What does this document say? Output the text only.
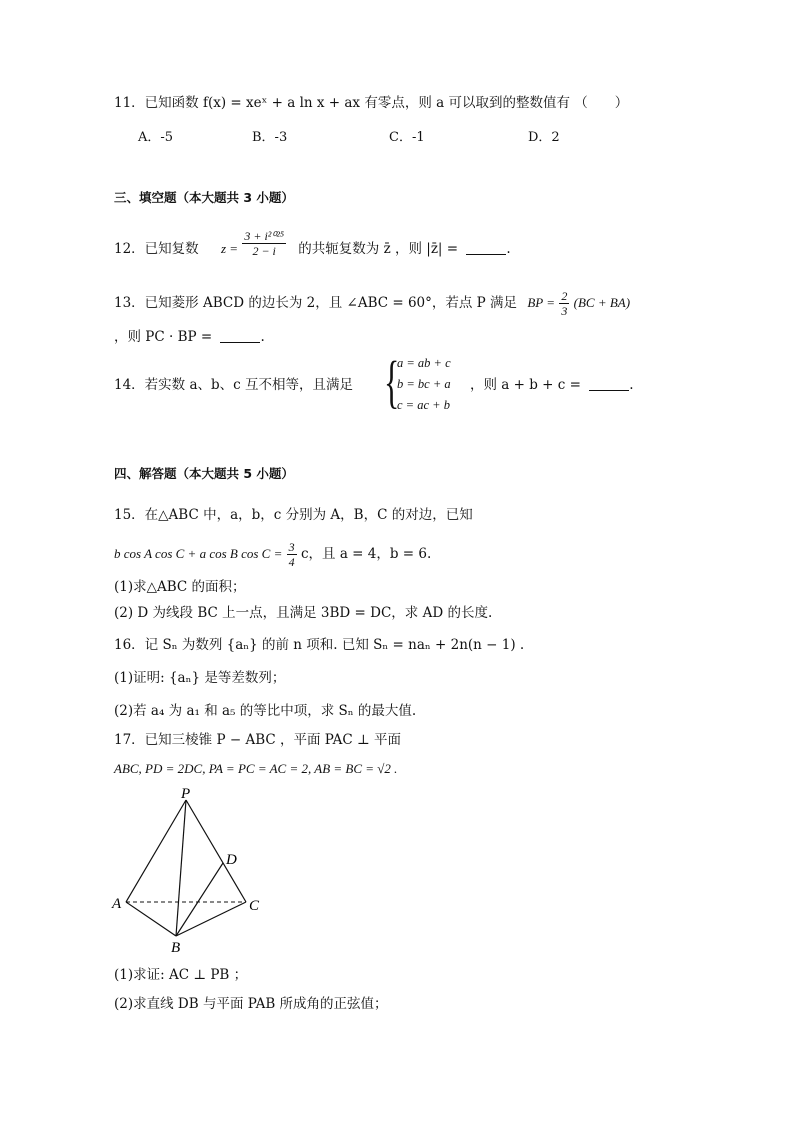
11．已知函数 f(x) = xeˣ + a ln x + ax 有零点，则 a 可以取到的整数值有 （　　）
A．-5	B．-3	C．-1	D．2
三、填空题（本大题共 3 小题）
12．已知复数 $z = \frac{\text{3 + i²⁰²⁵}}{2 - i}$ 的共轭复数为 z̄ ，则 |z̄| =	.
13．已知菱形 ABCD 的边长为 2，且 ∠ABC = 60°，若点 P 满足 BP = $\frac{2}{3} (BC + BA)$
，则 PC · BP =	.
14．若实数 a、b、c 互不相等，且满足 {
a = ab + c
b = bc + a
c = ac + b
，则 a + b + c =	.
四、解答题（本大题共 5 小题）
15．在△ABC 中，a，b，c 分别为 A，B，C 的对边，已知
b cos A cos C + a cos B $\cos C = \frac{3}{4}$ c，且 a = 4，b = 6.
(1)求△ABC 的面积；
(2) D 为线段 BC 上一点，且满足 3BD = DC，求 AD 的长度.
16．记 Sₙ 为数列 {aₙ} 的前 n 项和. 已知 Sₙ = naₙ + 2n(n − 1) .
(1)证明: {aₙ} 是等差数列；
(2)若 a₄ 为 a₁ 和 a₅ 的等比中项，求 Sₙ 的最大值.
17．已知三棱锥 P − ABC ，平面 PAC ⊥ 平面
ABC, PD = 2DC, PA = PC = AC = 2, AB = BC = √2 .
P
A
B
C
D
(1)求证: AC ⊥ PB ；
(2)求直线 DB 与平面 PAB 所成角的正弦值；
